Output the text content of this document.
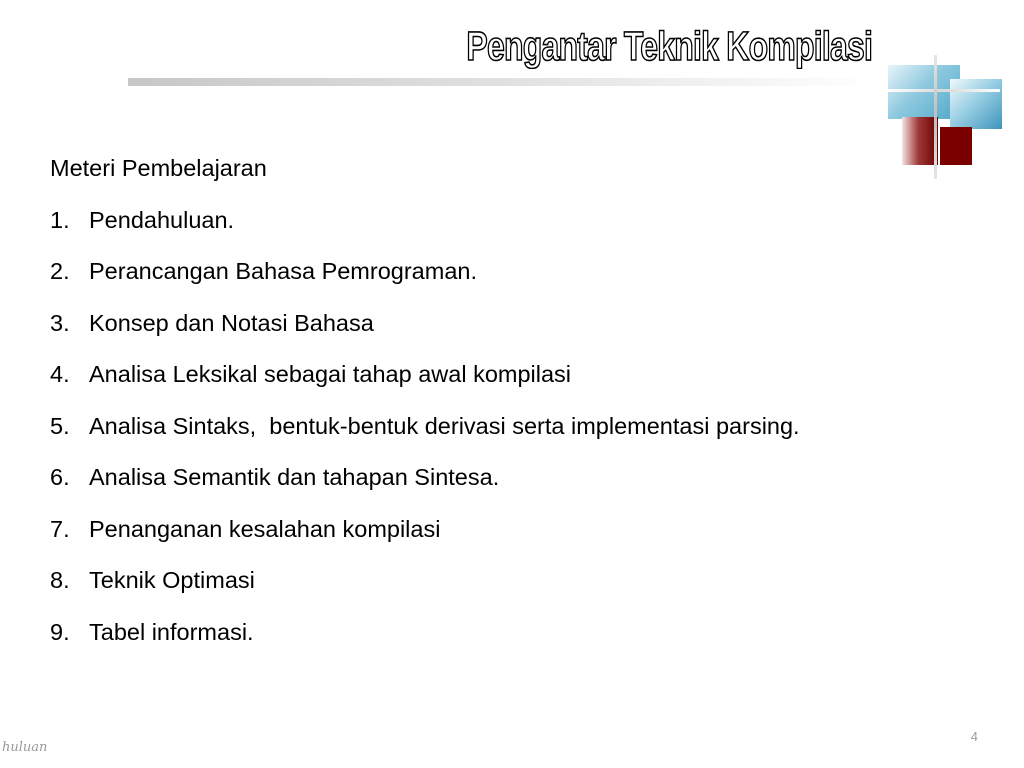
Pengantar Teknik Kompilasi
Meteri Pembelajaran
1. Pendahuluan.
2. Perancangan Bahasa Pemrograman.
3. Konsep dan Notasi Bahasa
4. Analisa Leksikal sebagai tahap awal kompilasi
5. Analisa Sintaks,  bentuk-bentuk derivasi serta implementasi parsing.
6. Analisa Semantik dan tahapan Sintesa.
7. Penanganan kesalahan kompilasi
8. Teknik Optimasi
9. Tabel informasi.
huluan
4
